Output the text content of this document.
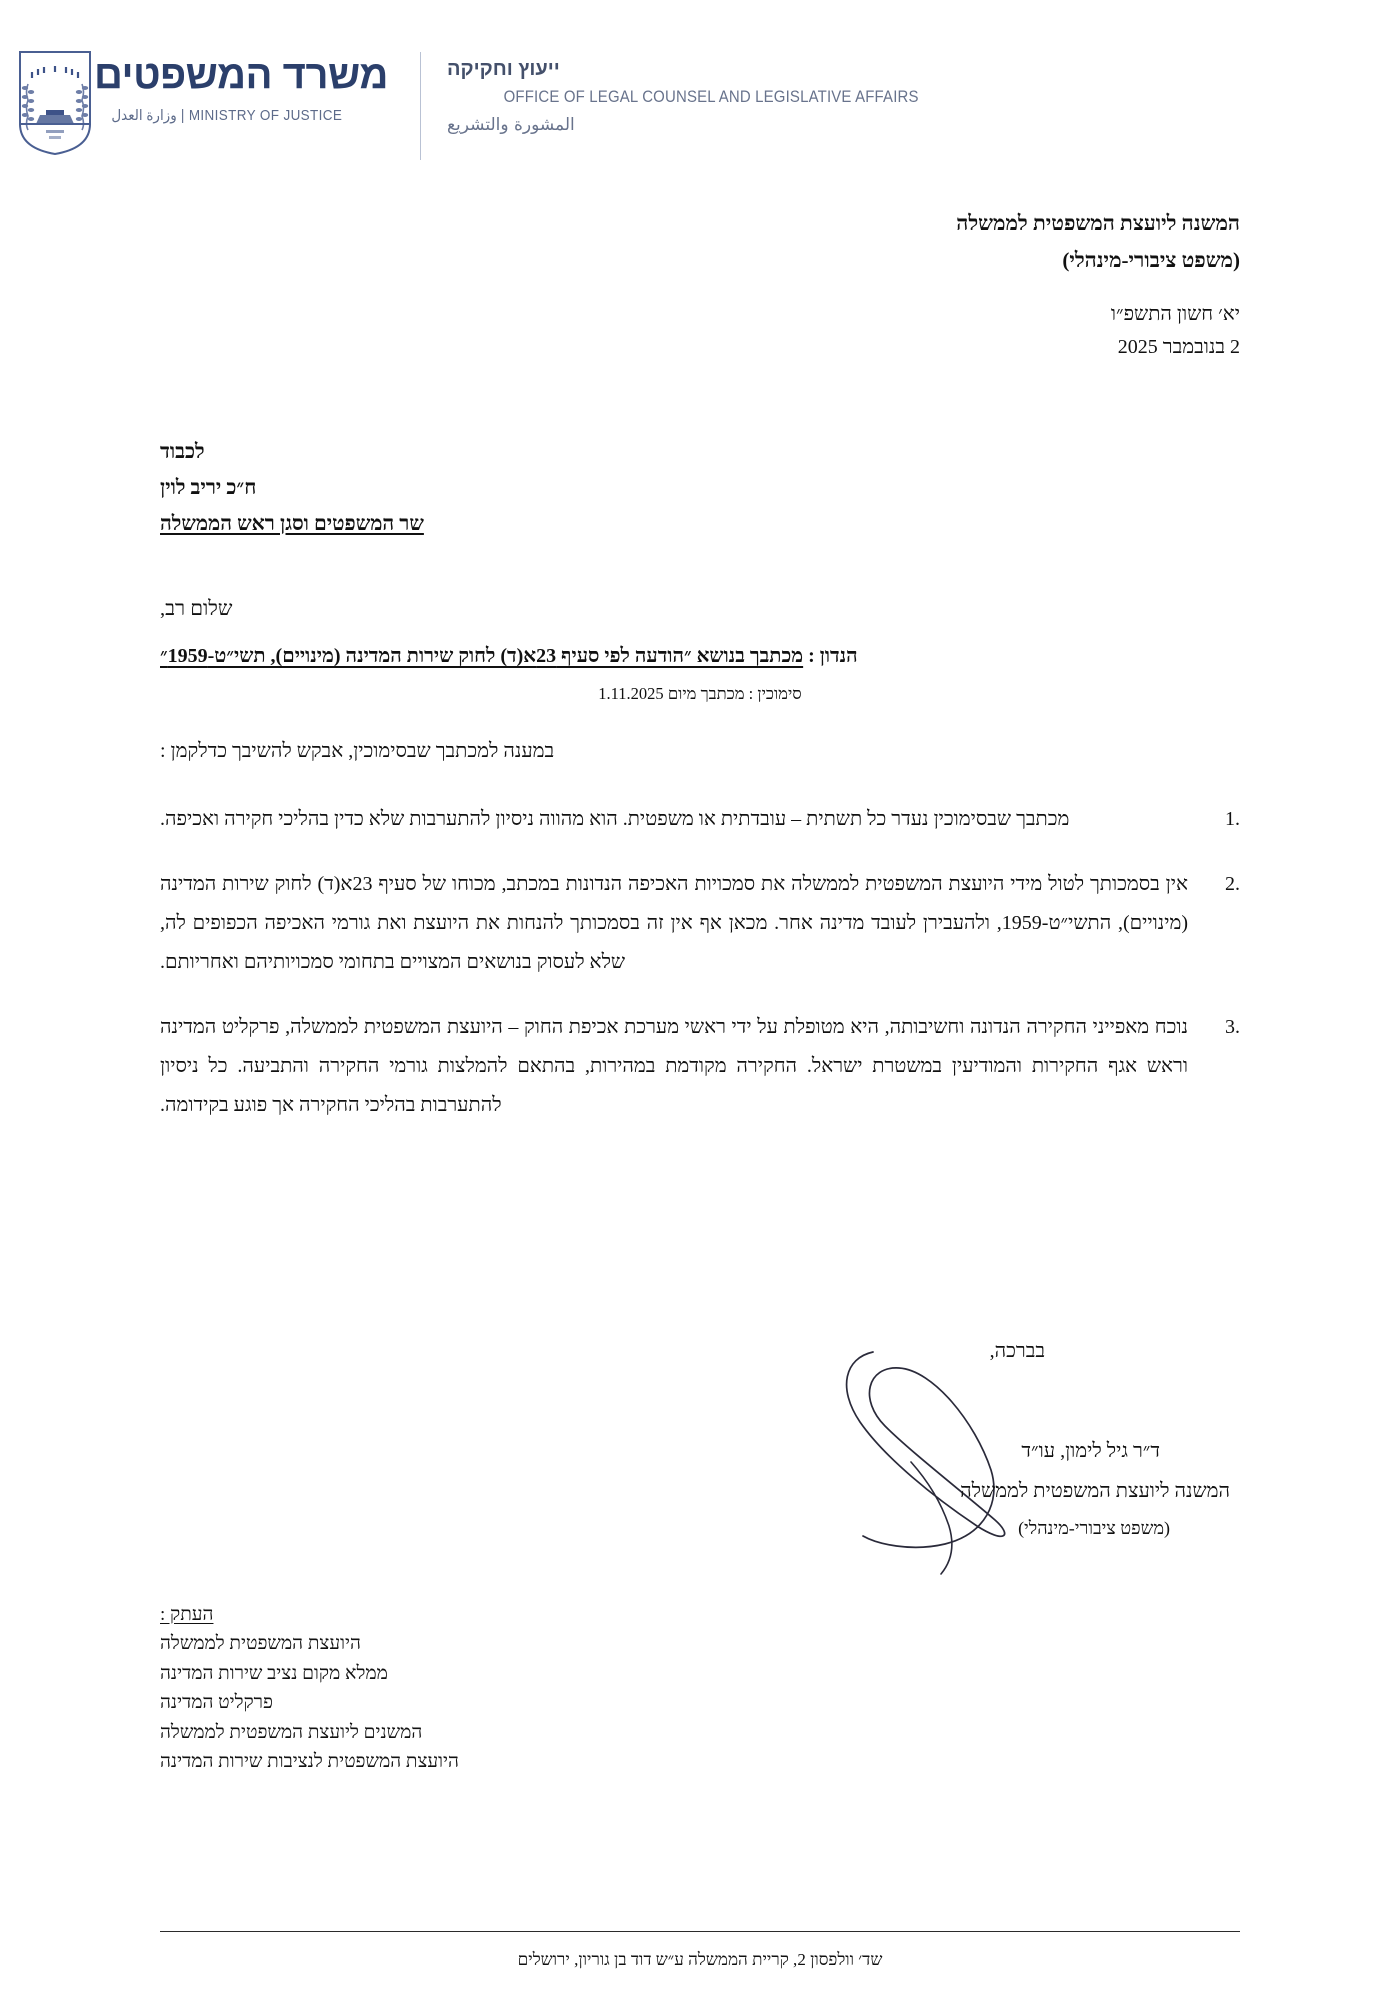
משרד המשפטים
MINISTRY OF JUSTICE | وزارة العدل
ייעוץ וחקיקה
OFFICE OF LEGAL COUNSEL AND LEGISLATIVE AFFAIRS
المشورة والتشريع
המשנה ליועצת המשפטית לממשלה
(משפט ציבורי-מינהלי)
יא׳ חשון התשפ״ו
2 בנובמבר 2025
לכבוד
ח״כ יריב לוין
שר המשפטים וסגן ראש הממשלה
שלום רב,
הנדון : מכתבך בנושא ״הודעה לפי סעיף 23א(ד) לחוק שירות המדינה (מינויים), תשי״ט-1959״
סימוכין : מכתבך מיום 1.11.2025
במענה למכתבך שבסימוכין, אבקש להשיבך כדלקמן :
.1
מכתבך שבסימוכין נעדר כל תשתית – עובדתית או משפטית. הוא מהווה ניסיון להתערבות שלא כדין בהליכי חקירה ואכיפה.
.2
אין בסמכותך לטול מידי היועצת המשפטית לממשלה את סמכויות האכיפה הנדונות במכתב, מכוחו של סעיף 23א(ד) לחוק שירות המדינה (מינויים), התשי״ט-1959, ולהעבירן לעובד מדינה אחר. מכאן אף אין זה בסמכותך להנחות את היועצת ואת גורמי האכיפה הכפופים לה, שלא לעסוק בנושאים המצויים בתחומי סמכויותיהם ואחריותם.
.3
נוכח מאפייני החקירה הנדונה וחשיבותה, היא מטופלת על ידי ראשי מערכת אכיפת החוק – היועצת המשפטית לממשלה, פרקליט המדינה וראש אגף החקירות והמודיעין במשטרת ישראל. החקירה מקודמת במהירות, בהתאם להמלצות גורמי החקירה והתביעה. כל ניסיון להתערבות בהליכי החקירה אך פוגע בקידומה.
בברכה,
ד״ר גיל לימון, עו״ד
המשנה ליועצת המשפטית לממשלה
(משפט ציבורי-מינהלי)
העתק :
היועצת המשפטית לממשלה
ממלא מקום נציב שירות המדינה
פרקליט המדינה
המשנים ליועצת המשפטית לממשלה
היועצת המשפטית לנציבות שירות המדינה
שד׳ וולפסון 2, קריית הממשלה ע״ש דוד בן גוריון, ירושלים
